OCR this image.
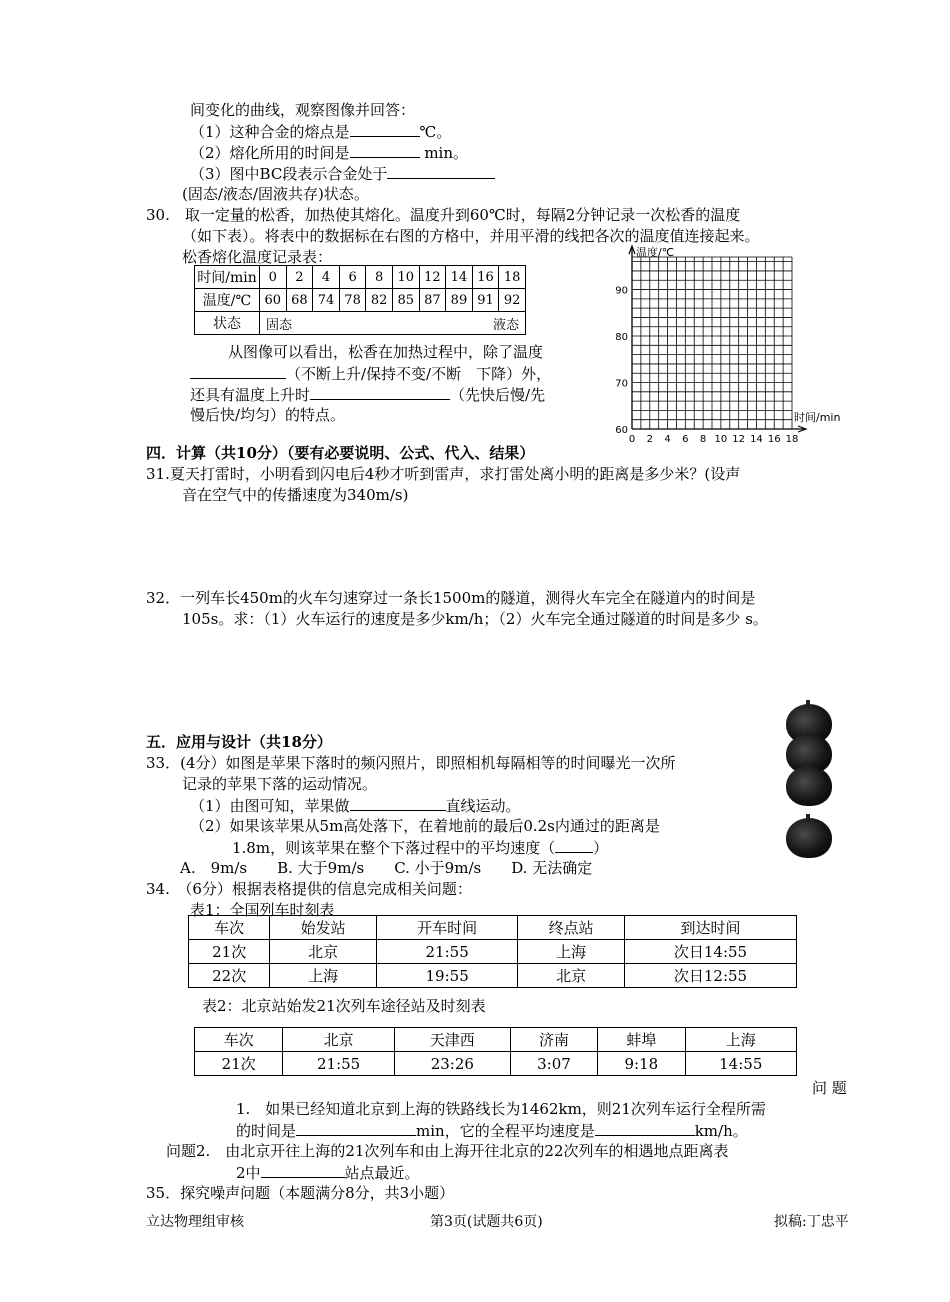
间变化的曲线，观察图像并回答：
（1）这种合金的熔点是	℃。
（2）熔化所用的时间是	min。
（3）图中BC段表示合金处于
(固态/液态/固液共存)状态。
30.　取一定量的松香，加热使其熔化。温度升到60℃时，每隔2分钟记录一次松香的温度
（如下表）。将表中的数据标在右图的方格中，并用平滑的线把各次的温度值连接起来。
松香熔化温度记录表：
时间/min	0	2	4	6	8	10	12	14	16	18
温度/℃	60	68	74	78	82	85	87	89	91	92
状态	固态 液态									
从图像可以看出，松香在加热过程中，除了温度
（不断上升/保持不变/不断　下降）外，
还具有温度上升时	（先快后慢/先
慢后快/均匀）的特点。
60
70
80
90
0 2 4 6 8 10 12 14 16 18
温度/℃
时间/min
四．计算（共10分）（要有必要说明、公式、代入、结果）
31.夏天打雷时，小明看到闪电后4秒才听到雷声，求打雷处离小明的距离是多少米？(设声
音在空气中的传播速度为340m/s)
32．一列车长450m的火车匀速穿过一条长1500m的隧道，测得火车完全在隧道内的时间是
105s。求：（1）火车运行的速度是多少km/h；（2）火车完全通过隧道的时间是多少 s。
五．应用与设计（共18分）
33．(4分）如图是苹果下落时的频闪照片，即照相机每隔相等的时间曝光一次所
记录的苹果下落的运动情况。
（1）由图可知，苹果做	直线运动。
（2）如果该苹果从5m高处落下，在着地前的最后0.2s内通过的距离是
1.8m，则该苹果在整个下落过程中的平均速度（	）
A.　9m/s　　B. 大于9m/s　　C. 小于9m/s　　D. 无法确定
34.　（6分）根据表格提供的信息完成相关问题：
表1：全国列车时刻表
车次	始发站	开车时间	终点站	到达时间
21次	北京	21:55	上海	次日14:55
22次	上海	19:55	北京	次日12:55
表2：北京站始发21次列车途径站及时刻表
车次	北京	天津西	济南	蚌埠	上海
21次	21:55	23:26	3:07	9:18	14:55
问 题
1.　如果已经知道北京到上海的铁路线长为1462km，则21次列车运行全程所需
的时间是	min，它的全程平均速度是	km/h。
问题2.　由北京开往上海的21次列车和由上海开往北京的22次列车的相遇地点距离表
2中	站点最近。
35．探究噪声问题（本题满分8分，共3小题）
立达物理组审核	第3页(试题共6页)	拟稿:丁忠平
